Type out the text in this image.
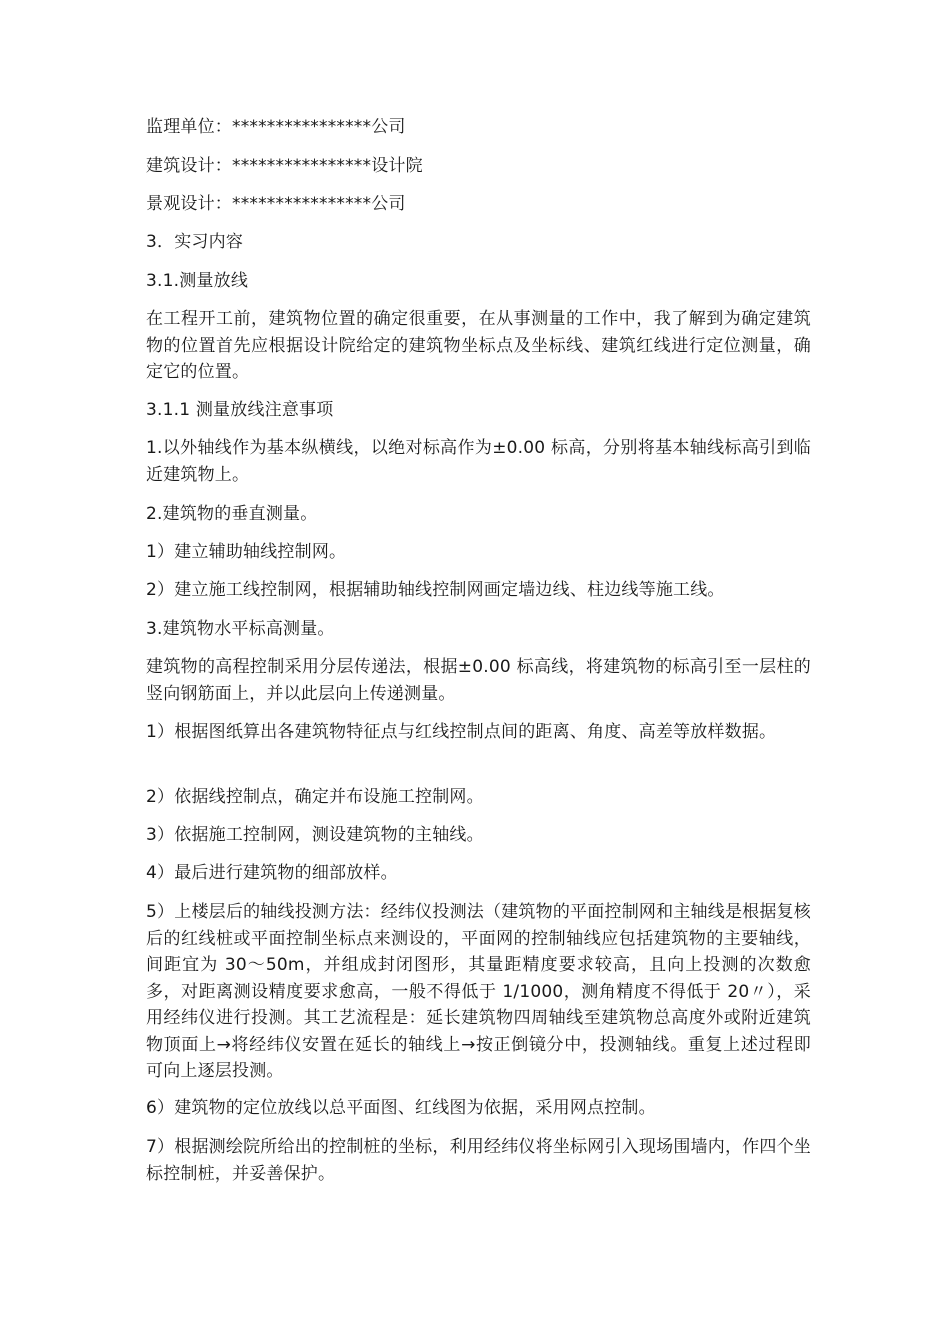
监理单位：****************公司

建筑设计：****************设计院

景观设计：****************公司

3．实习内容

3.1.测量放线

在工程开工前，建筑物位置的确定很重要，在从事测量的工作中，我了解到为确定建筑物的位置首先应根据设计院给定的建筑物坐标点及坐标线、建筑红线进行定位测量，确定它的位置。

3.1.1 测量放线注意事项

1.以外轴线作为基本纵横线，以绝对标高作为±0.00 标高，分别将基本轴线标高引到临近建筑物上。

2.建筑物的垂直测量。

1）建立辅助轴线控制网。

2）建立施工线控制网，根据辅助轴线控制网画定墙边线、柱边线等施工线。

3.建筑物水平标高测量。

建筑物的高程控制采用分层传递法，根据±0.00 标高线，将建筑物的标高引至一层柱的竖向钢筋面上，并以此层向上传递测量。

1）根据图纸算出各建筑物特征点与红线控制点间的距离、角度、高差等放样数据。

2）依据线控制点，确定并布设施工控制网。

3）依据施工控制网，测设建筑物的主轴线。

4）最后进行建筑物的细部放样。

5）上楼层后的轴线投测方法：经纬仪投测法（建筑物的平面控制网和主轴线是根据复核后的红线桩或平面控制坐标点来测设的，平面网的控制轴线应包括建筑物的主要轴线，间距宜为 30～50m，并组成封闭图形，其量距精度要求较高，且向上投测的次数愈多，对距离测设精度要求愈高，一般不得低于 1/1000，测角精度不得低于 20〃），采用经纬仪进行投测。其工艺流程是：延长建筑物四周轴线至建筑物总高度外或附近建筑物顶面上→将经纬仪安置在延长的轴线上→按正倒镜分中，投测轴线。重复上述过程即可向上逐层投测。

6）建筑物的定位放线以总平面图、红线图为依据，采用网点控制。

7）根据测绘院所给出的控制桩的坐标，利用经纬仪将坐标网引入现场围墙内，作四个坐标控制桩，并妥善保护。
